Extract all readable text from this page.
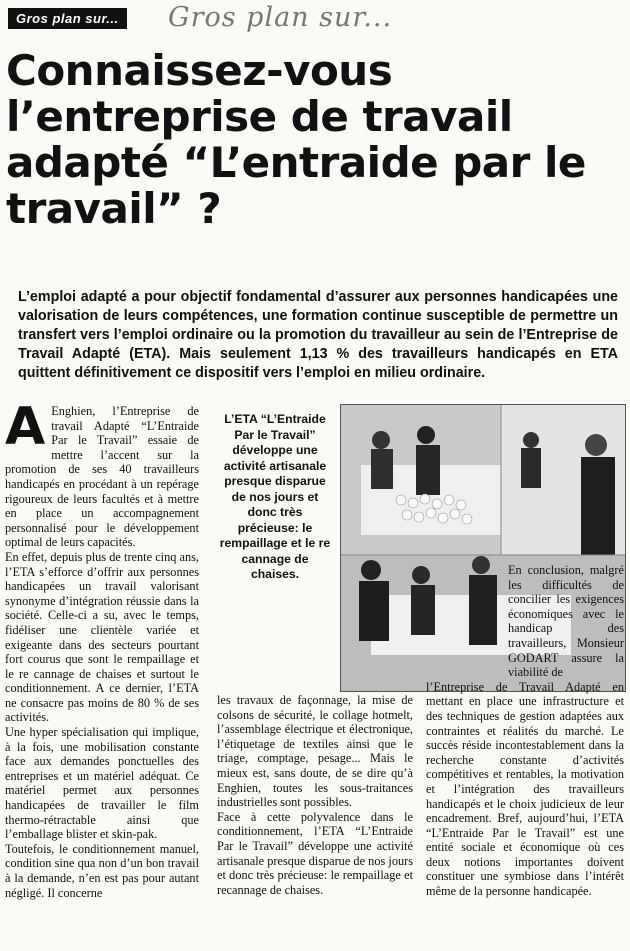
Gros plan sur... Gros plan sur...
Connaissez-vous l’entreprise de travail adapté “L’entraide par le travail” ?

L’emploi adapté a pour objectif fondamental d’assurer aux personnes handicapées une valorisation de leurs compétences, une formation continue susceptible de permettre un transfert vers l’emploi ordinaire ou la promotion du travailleur au sein de l’Entreprise de Travail Adapté (ETA). Mais seulement 1,13 % des travailleurs handicapés en ETA quittent définitivement ce dispositif vers l’emploi en milieu ordinaire.

A Enghien, l’Entreprise de travail Adapté “L’Entraide Par le Travail” essaie de mettre l’accent sur la promotion de ses 40 travailleurs handicapés en procédant à un repérage rigoureux de leurs facultés et à mettre en place un accompagnement personnalisé pour le développement optimal de leurs capacités.

En effet, depuis plus de trente cinq ans, l’ETA s’efforce d’offrir aux personnes handicapées un travail valorisant synonyme d’intégration réussie dans la société. Celle-ci a su, avec le temps, fidéliser une clientèle variée et exigeante dans des secteurs pourtant fort courus que sont le rempaillage et le re cannage de chaises et surtout le conditionnement. A ce dernier, l’ETA ne consacre pas moins de 80 % de ses activités.

Une hyper spécialisation qui implique, à la fois, une mobilisation constante face aux demandes ponctuelles des entreprises et un matériel adéquat. Ce matériel permet aux personnes handicapées de travailler le film thermo-rétractable ainsi que l’emballage blister et skin-pak.

Toutefois, le conditionnement manuel, condition sine qua non d’un bon travail à la demande, n’en est pas pour autant négligé. Il concerne

L’ETA “L’Entraide Par le Travail” développe une activité artisanale presque disparue de nos jours et donc très précieuse: le rempaillage et le re cannage de chaises.

les travaux de façonnage, la mise de colsons de sécurité, le collage hotmelt, l’assemblage électrique et électronique, l’étiquetage de textiles ainsi que le triage, comptage, pesage... Mais le mieux est, sans doute, de se dire qu’à Enghien, toutes les sous-traitances industrielles sont possibles.

Face à cette polyvalence dans le conditionnement, l’ETA “L’Entraide Par le Travail” développe une activité artisanale presque disparue de nos jours et donc très précieuse: le rempaillage et recannage de chaises.

En conclusion, malgré les difficultés de concilier les exigences économiques avec le handicap des travailleurs, Monsieur GODART assure la viabilité de

l’Entreprise de Travail Adapté en mettant en place une infrastructure et des techniques de gestion adaptées aux contraintes et réalités du marché. Le succès réside incontestablement dans la recherche constante d’activités compétitives et rentables, la motivation et l’intégration des travailleurs handicapés et le choix judicieux de leur encadrement. Bref, aujourd’hui, l’ETA “L’Entraide Par le Travail” est une entité sociale et économique où ces deux notions importantes doivent constituer une symbiose dans l’intérêt même de la personne handicapée.
